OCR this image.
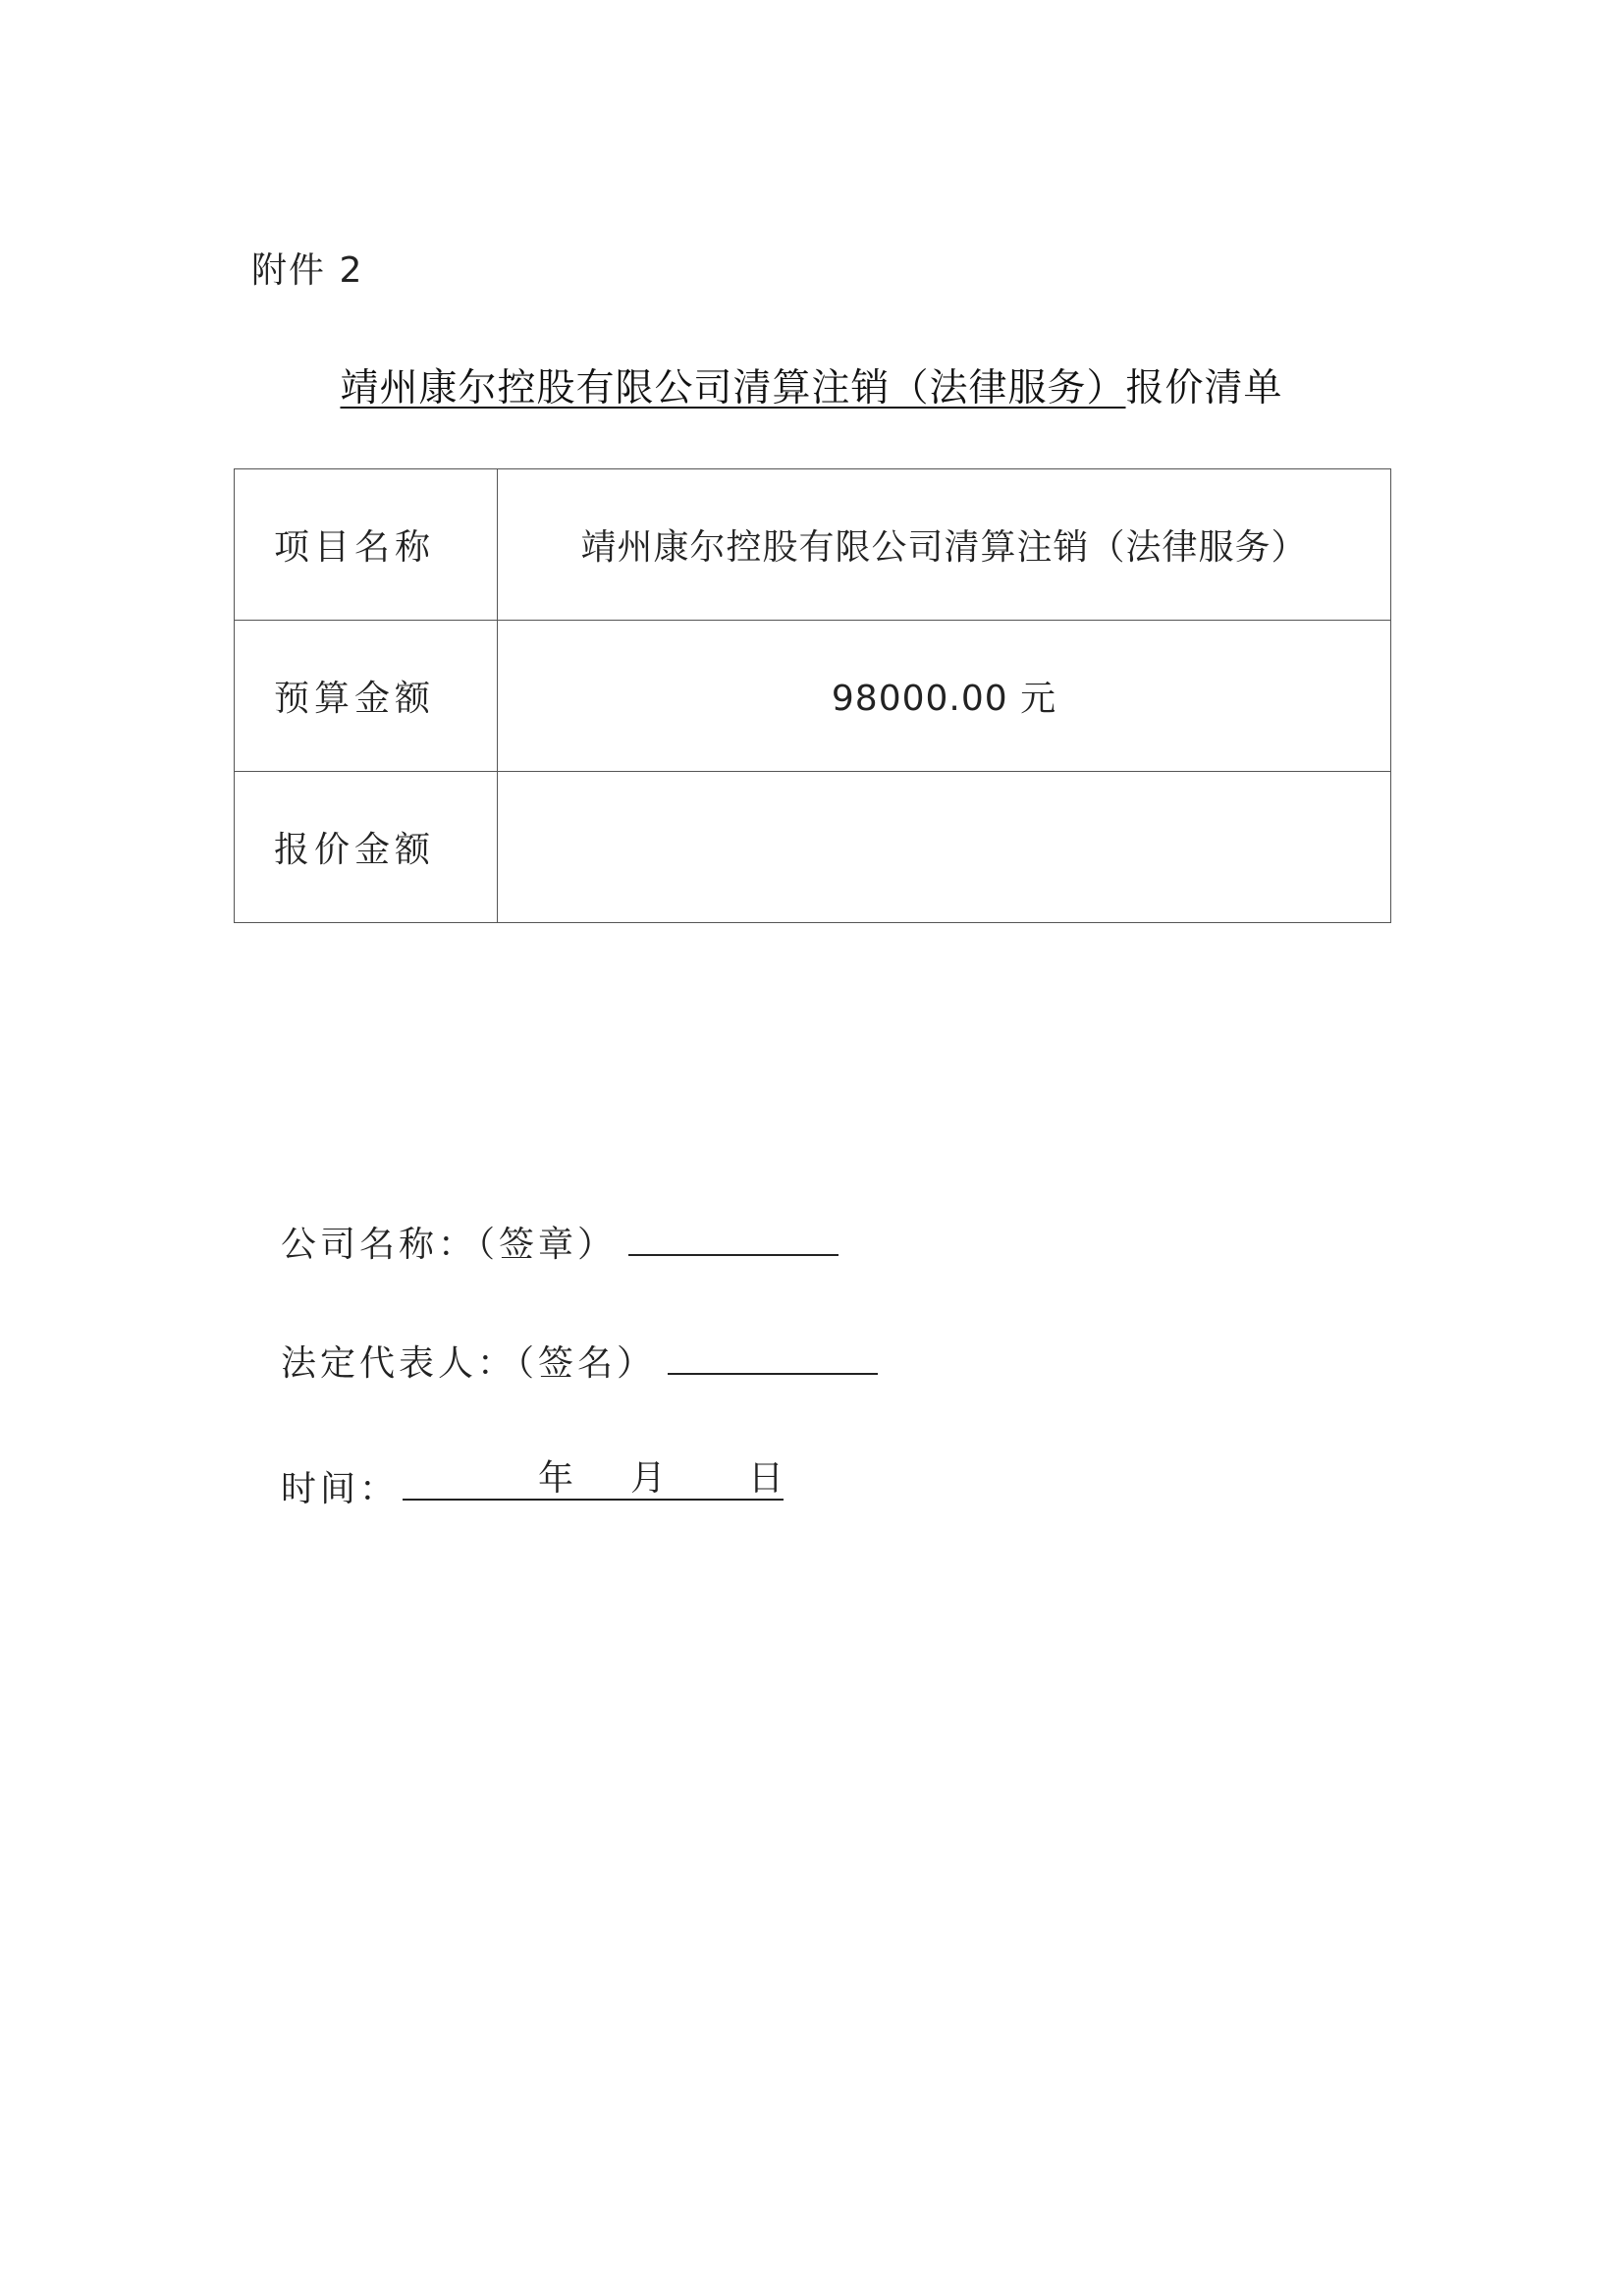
附件 2
靖州康尔控股有限公司清算注销（法律服务）报价清单
项目名称	靖州康尔控股有限公司清算注销（法律服务）
预算金额	98000.00 元
报价金额	
公司名称：（签章）
法定代表人：（签名）
时间：	年 月 日
